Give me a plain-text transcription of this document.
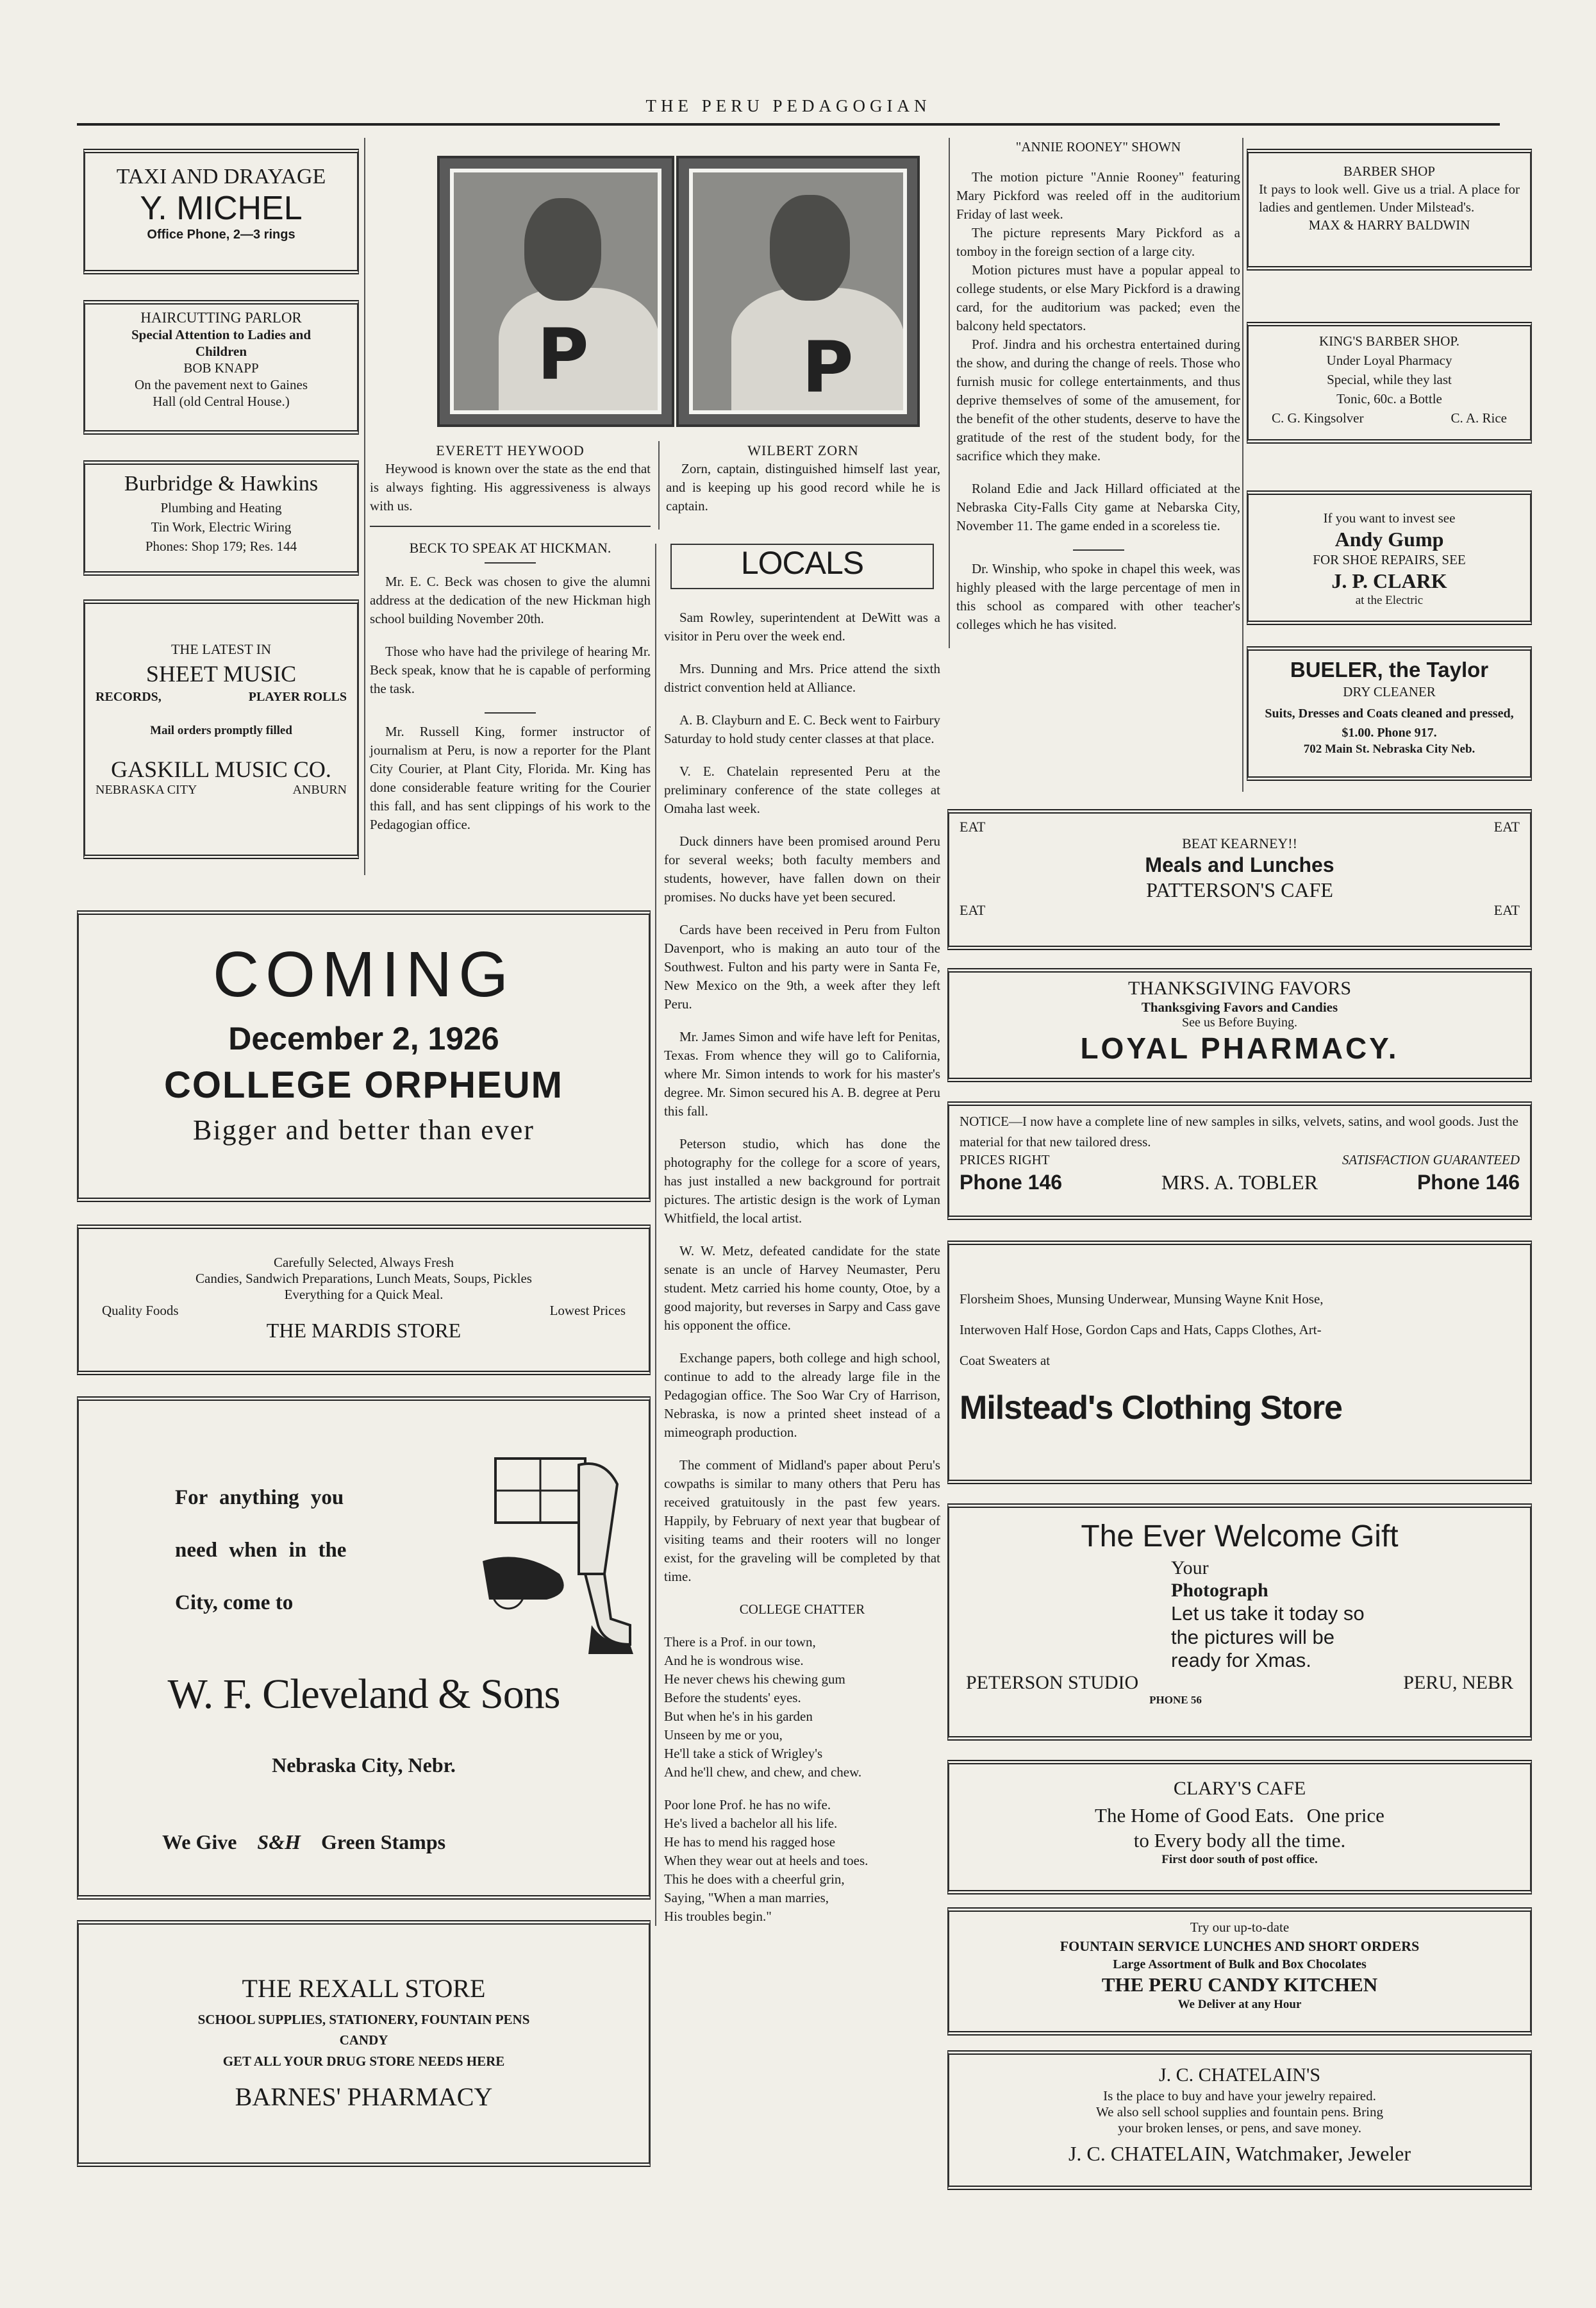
THE PERU PEDAGOGIAN
TAXI AND DRAYAGE
Y. MICHEL
Office Phone, 2—3 rings
HAIRCUTTING PARLOR
Special Attention to Ladies and
Children
BOB KNAPP
On the pavement next to Gaines
Hall (old Central House.)
Burbridge & Hawkins
Plumbing and Heating
Tin Work, Electric Wiring
Phones: Shop 179; Res. 144
THE LATEST IN
SHEET MUSIC
RECORDS,	PLAYER ROLLS
Mail orders promptly filled
GASKILL MUSIC CO.
NEBRASKA CITY	ANBURN
P	P
EVERETT HEYWOOD

Heywood is known over the state as the end that is always fighting. His aggressiveness is always with us.

WILBERT ZORN

Zorn, captain, distinguished himself last year, and is keeping up his good record while he is captain.

BECK TO SPEAK AT HICKMAN.

Mr. E. C. Beck was chosen to give the alumni address at the dedication of the new Hickman high school building November 20th.

Those who have had the privilege of hearing Mr. Beck speak, know that he is capable of performing the task.

Mr. Russell King, former instructor of journalism at Peru, is now a reporter for the Plant City Courier, at Plant City, Florida. Mr. King has done considerable feature writing for the Courier this fall, and has sent clippings of his work to the Pedagogian office.

LOCALS

Sam Rowley, superintendent at DeWitt was a visitor in Peru over the week end.

Mrs. Dunning and Mrs. Price attend the sixth district convention held at Alliance.

A. B. Clayburn and E. C. Beck went to Fairbury Saturday to hold study center classes at that place.

V. E. Chatelain represented Peru at the preliminary conference of the state colleges at Omaha last week.

Duck dinners have been promised around Peru for several weeks; both faculty members and students, however, have fallen down on their promises. No ducks have yet been secured.

Cards have been received in Peru from Fulton Davenport, who is making an auto tour of the Southwest. Fulton and his party were in Santa Fe, New Mexico on the 9th, a week after they left Peru.

Mr. James Simon and wife have left for Penitas, Texas. From whence they will go to California, where Mr. Simon intends to work for his master's degree. Mr. Simon secured his A. B. degree at Peru this fall.

Peterson studio, which has done the photography for the college for a score of years, has just installed a new background for portrait pictures. The artistic design is the work of Lyman Whitfield, the local artist.

W. W. Metz, defeated candidate for the state senate is an uncle of Harvey Neumaster, Peru student. Metz carried his home county, Otoe, by a good majority, but reverses in Sarpy and Cass gave his opponent the office.

Exchange papers, both college and high school, continue to add to the already large file in the Pedagogian office. The Soo War Cry of Harrison, Nebraska, is now a printed sheet instead of a mimeograph production.

The comment of Midland's paper about Peru's cowpaths is similar to many others that Peru has received gratuitously in the past few years. Happily, by February of next year that bugbear of visiting teams and their rooters will no longer exist, for the graveling will be completed by that time.

COLLEGE CHATTER
There is a Prof. in our town,
And he is wondrous wise.
He never chews his chewing gum
Before the students' eyes.
But when he's in his garden
Unseen by me or you,
He'll take a stick of Wrigley's
And he'll chew, and chew, and chew.
Poor lone Prof. he has no wife.
He's lived a bachelor all his life.
He has to mend his ragged hose
When they wear out at heels and toes.
This he does with a cheerful grin,
Saying, "When a man marries,
His troubles begin."
"ANNIE ROONEY" SHOWN

The motion picture "Annie Rooney" featuring Mary Pickford was reeled off in the auditorium Friday of last week.

The picture represents Mary Pickford as a tomboy in the foreign section of a large city.

Motion pictures must have a popular appeal to college students, or else Mary Pickford is a drawing card, for the auditorium was packed; even the balcony held spectators.

Prof. Jindra and his orchestra entertained during the show, and during the change of reels. Those who furnish music for college entertainments, and thus deprive themselves of some of the amusement, for the benefit of the other students, deserve to have the gratitude of the rest of the student body, for the sacrifice which they make.

Roland Edie and Jack Hillard officiated at the Nebraska City-Falls City game at Nebarska City, November 11. The game ended in a scoreless tie.

Dr. Winship, who spoke in chapel this week, was highly pleased with the large percentage of men in this school as compared with other teacher's colleges which he has visited.

BARBER SHOP
It pays to look well. Give us a trial. A place for ladies and gentlemen. Under Milstead's.
MAX & HARRY BALDWIN
KING'S BARBER SHOP.
Under Loyal Pharmacy
Special, while they last
Tonic, 60c. a Bottle
C. G. Kingsolver	C. A. Rice
If you want to invest see
Andy Gump
FOR SHOE REPAIRS, SEE
J. P. CLARK
at the Electric
BUELER, the Taylor
DRY CLEANER
Suits, Dresses and Coats cleaned and pressed, $1.00. Phone 917.
702 Main St. Nebraska City Neb.
EAT	EAT
BEAT KEARNEY!!
Meals and Lunches
PATTERSON'S CAFE
EAT	EAT
THANKSGIVING FAVORS
Thanksgiving Favors and Candies
See us Before Buying.
LOYAL PHARMACY.
NOTICE—I now have a complete line of new samples in silks, velvets, satins, and wool goods. Just the material for that new tailored dress.
PRICES RIGHT	SATISFACTION GUARANTEED
Phone 146	MRS. A. TOBLER	Phone 146
Florsheim Shoes, Munsing Underwear, Munsing Wayne Knit Hose,
Interwoven Half Hose, Gordon Caps and Hats, Capps Clothes, Art-
Coat Sweaters at
Milstead's Clothing Store
The Ever Welcome Gift
Your
Photograph
Let us take it today so
the pictures will be
ready for Xmas.
PETERSON STUDIO	PERU, NEBR
PHONE 56
CLARY'S CAFE
The Home of Good Eats. One price
to Every body all the time.
First door south of post office.
Try our up-to-date
FOUNTAIN SERVICE LUNCHES AND SHORT ORDERS
Large Assortment of Bulk and Box Chocolates
THE PERU CANDY KITCHEN
We Deliver at any Hour
J. C. CHATELAIN'S
Is the place to buy and have your jewelry repaired.
We also sell school supplies and fountain pens. Bring
your broken lenses, or pens, and save money.
J. C. CHATELAIN, Watchmaker, Jeweler
COMING
December 2, 1926
COLLEGE ORPHEUM
Bigger and better than ever
Carefully Selected, Always Fresh
Candies, Sandwich Preparations, Lunch Meats, Soups, Pickles
Everything for a Quick Meal.
Quality Foods	Lowest Prices
THE MARDIS STORE
For anything you
need when in the
City, come to
W. F. Cleveland & Sons
Nebraska City, Nebr.
We Give S&H Green Stamps
THE REXALL STORE
SCHOOL SUPPLIES, STATIONERY, FOUNTAIN PENS
CANDY
GET ALL YOUR DRUG STORE NEEDS HERE
BARNES' PHARMACY
